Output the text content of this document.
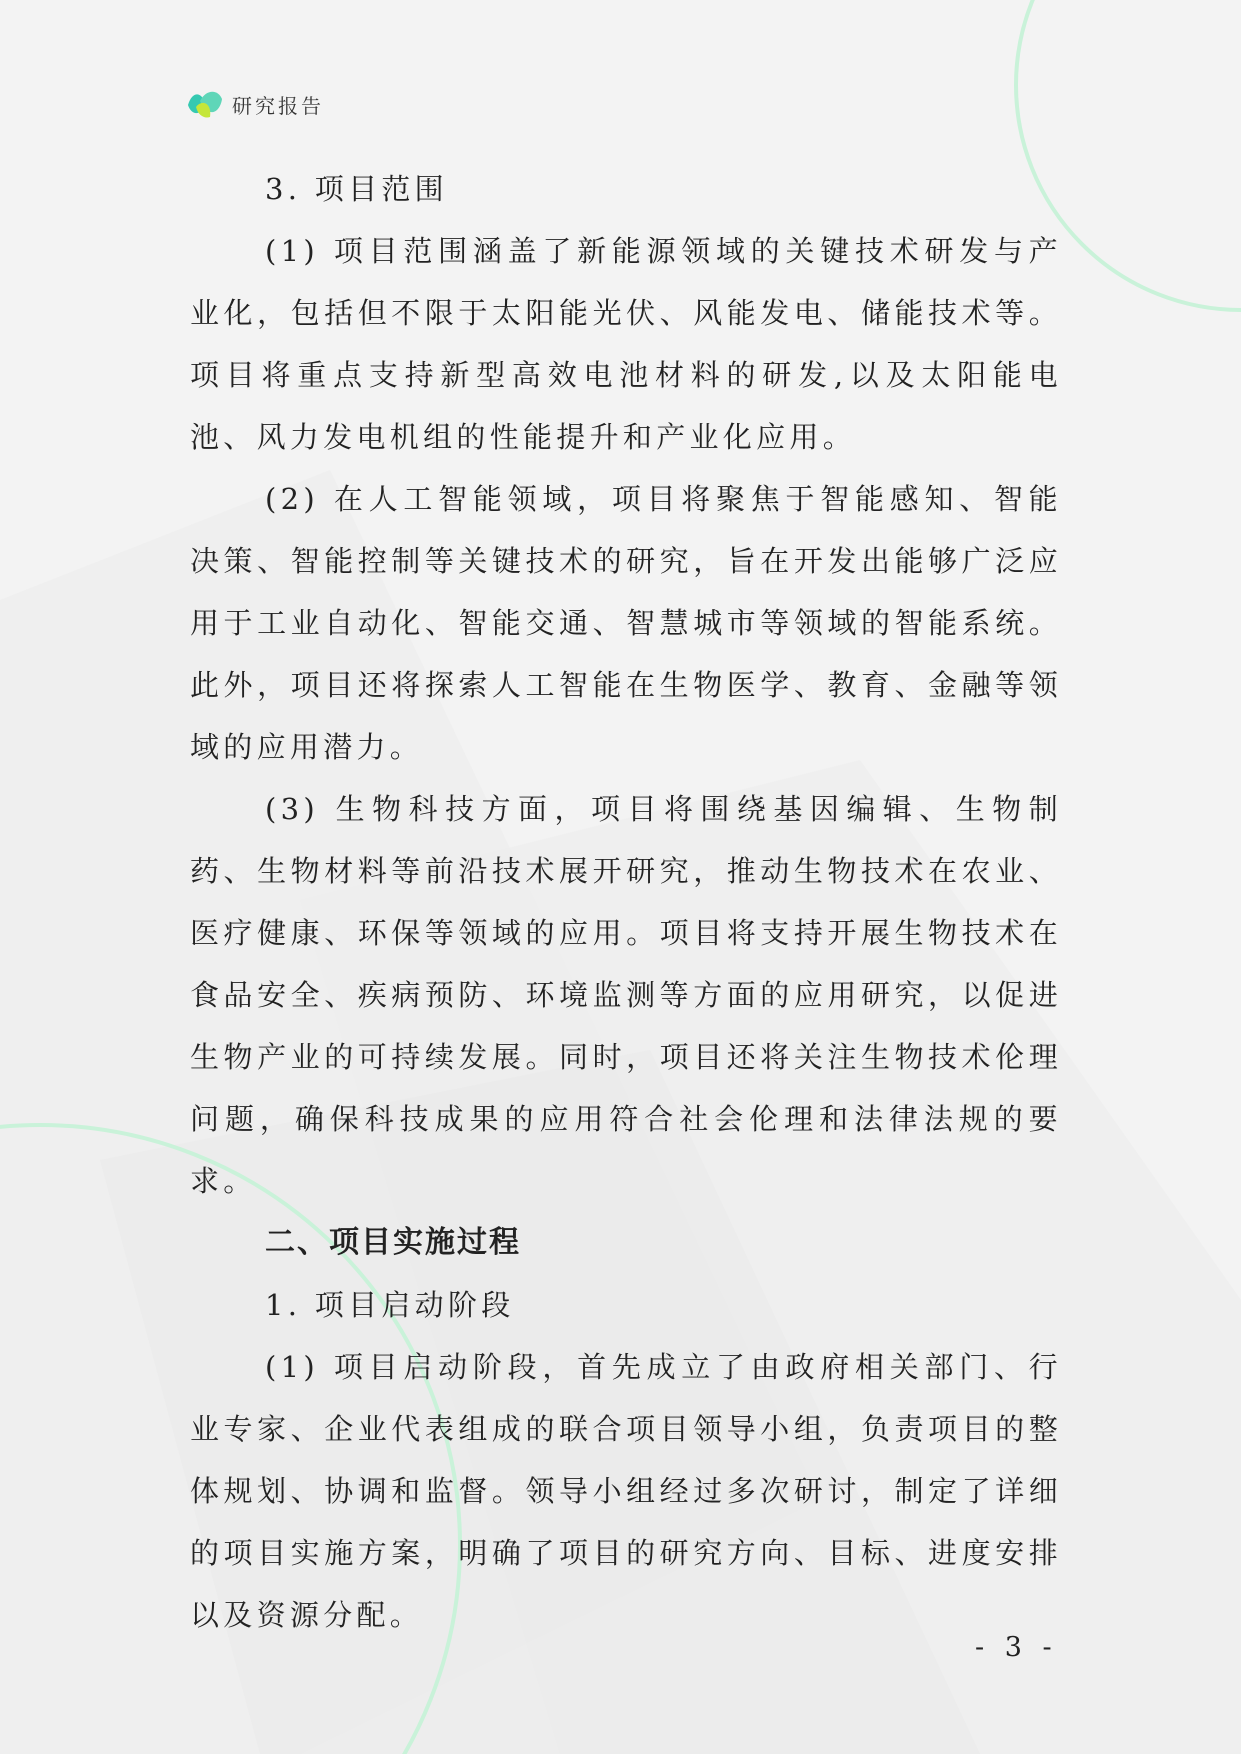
研究报告

3. 项目范围

(1) 项目范围涵盖了新能源领域的关键技术研发与产业化，包括但不限于太阳能光伏、风能发电、储能技术等。项目将重点支持新型高效电池材料的研发,以及太阳能电池、风力发电机组的性能提升和产业化应用。

(2) 在人工智能领域，项目将聚焦于智能感知、智能决策、智能控制等关键技术的研究，旨在开发出能够广泛应用于工业自动化、智能交通、智慧城市等领域的智能系统。此外，项目还将探索人工智能在生物医学、教育、金融等领域的应用潜力。

(3) 生物科技方面，项目将围绕基因编辑、生物制药、生物材料等前沿技术展开研究，推动生物技术在农业、医疗健康、环保等领域的应用。项目将支持开展生物技术在食品安全、疾病预防、环境监测等方面的应用研究，以促进生物产业的可持续发展。同时，项目还将关注生物技术伦理问题，确保科技成果的应用符合社会伦理和法律法规的要求。

二、项目实施过程

1. 项目启动阶段

(1) 项目启动阶段，首先成立了由政府相关部门、行业专家、企业代表组成的联合项目领导小组，负责项目的整体规划、协调和监督。领导小组经过多次研讨，制定了详细的项目实施方案，明确了项目的研究方向、目标、进度安排以及资源分配。

- 3 -
